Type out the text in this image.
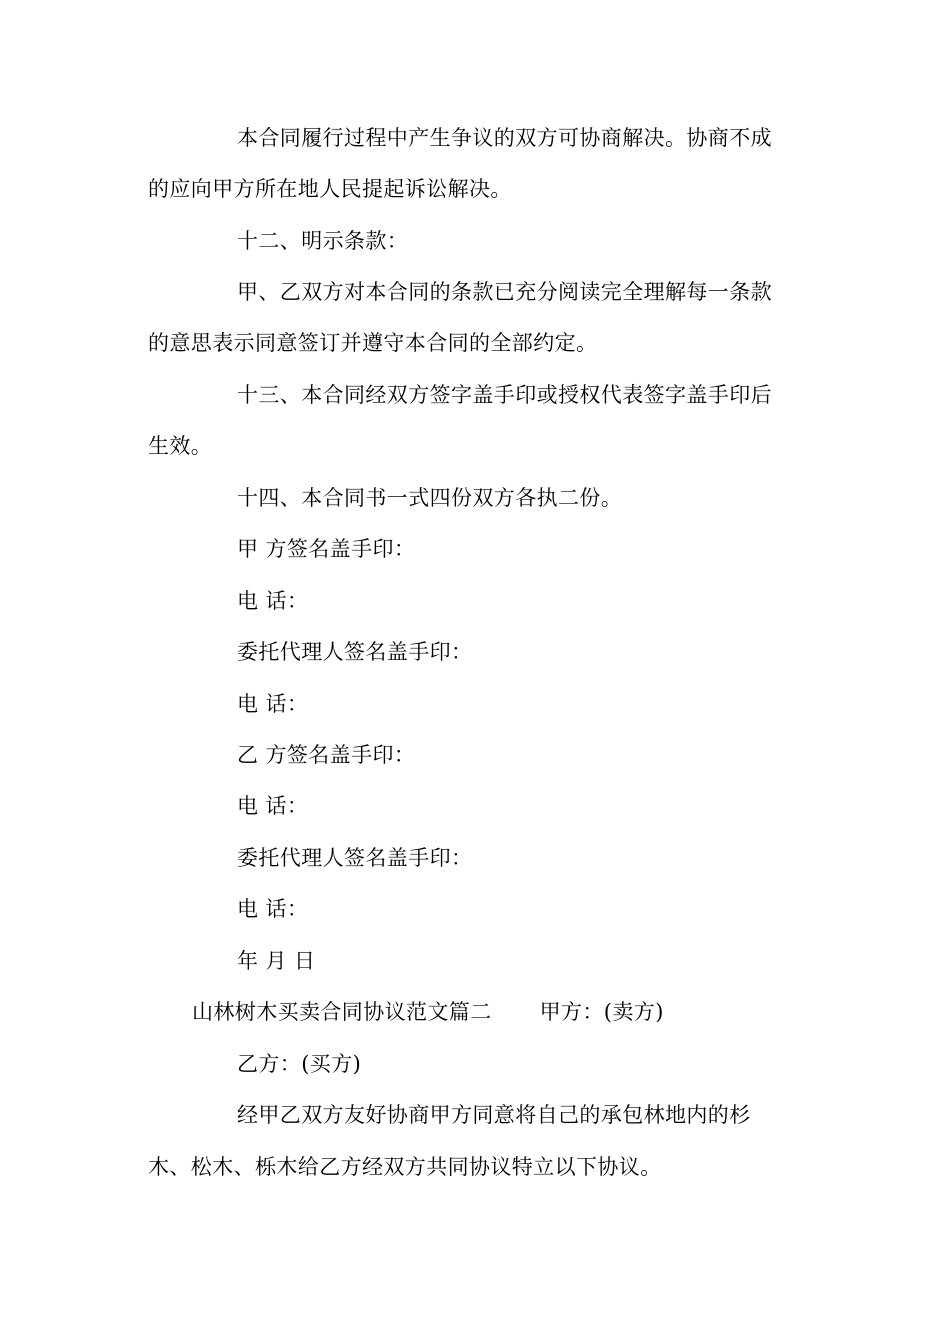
本合同履行过程中产生争议的双方可协商解决。协商不成
的应向甲方所在地人民提起诉讼解决。
十二、明示条款：
甲、乙双方对本合同的条款已充分阅读完全理解每一条款
的意思表示同意签订并遵守本合同的全部约定。
十三、本合同经双方签字盖手印或授权代表签字盖手印后
生效。
十四、本合同书一式四份双方各执二份。
甲 方签名盖手印：
电 话：
委托代理人签名盖手印：
电 话：
乙 方签名盖手印：
电 话：
委托代理人签名盖手印：
电 话：
年 月 日
山林树木买卖合同协议范文篇二 甲方：(卖方)
乙方：(买方)
经甲乙双方友好协商甲方同意将自己的承包林地内的杉
木、松木、栎木给乙方经双方共同协议特立以下协议。
